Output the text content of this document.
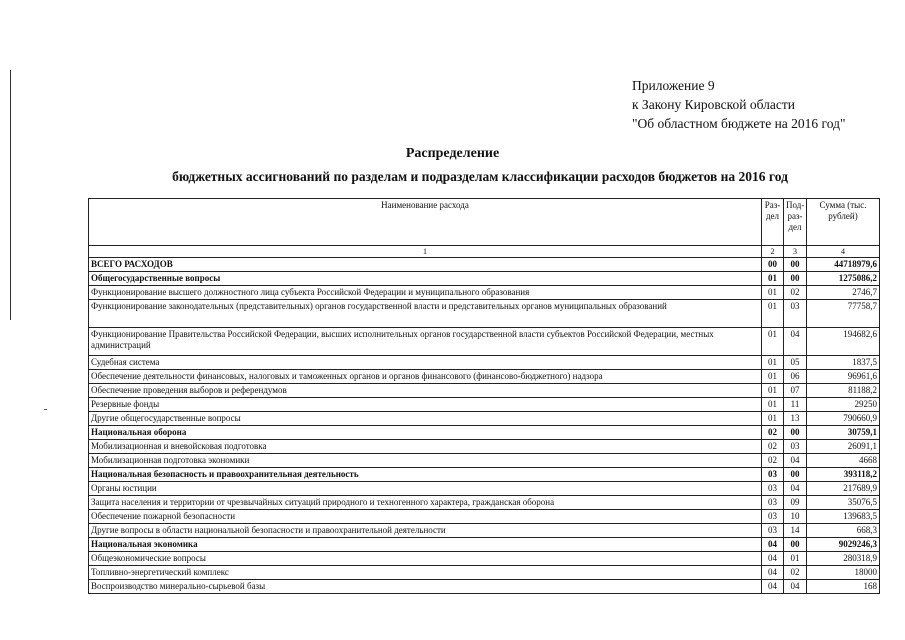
Приложение 9
к Закону Кировской области
"Об областном бюджете на 2016 год"
Распределение
бюджетных ассигнований по разделам и подразделам классификации расходов бюджетов на 2016 год
Наименование расхода	Раз-дел	Под-раз-дел	Сумма (тыс. рублей)
1	2	3	4
ВСЕГО РАСХОДОВ	00	00	44718979,6
Общегосударственные вопросы	01	00	1275086,2
Функционирование высшего должностного лица субъекта Российской Федерации и муниципального образования	01	02	2746,7
Функционирование законодательных (представительных) органов государственной власти и представительных органов муниципальных образований	01	03	77758,7
Функционирование Правительства Российской Федерации, высших исполнительных органов государственной власти субъектов Российской Федерации, местных администраций	01	04	194682,6
Судебная система	01	05	1837,5
Обеспечение деятельности финансовых, налоговых и таможенных органов и органов финансового (финансово-бюджетного) надзора	01	06	96961,6
Обеспечение проведения выборов и референдумов	01	07	81188,2
Резервные фонды	01	11	29250
Другие общегосударственные вопросы	01	13	790660,9
Национальная оборона	02	00	30759,1
Мобилизационная и вневойсковая подготовка	02	03	26091,1
Мобилизационная подготовка экономики	02	04	4668
Национальная безопасность и правоохранительная деятельность	03	00	393118,2
Органы юстиции	03	04	217689,9
Защита населения и территории от чрезвычайных ситуаций природного и техногенного характера, гражданская оборона	03	09	35076,5
Обеспечение пожарной безопасности	03	10	139683,5
Другие вопросы в области национальной безопасности и правоохранительной деятельности	03	14	668,3
Национальная экономика	04	00	9029246,3
Общеэкономические вопросы	04	01	280318,9
Топливно-энергетический комплекс	04	02	18000
Воспроизводство минерально-сырьевой базы	04	04	168
